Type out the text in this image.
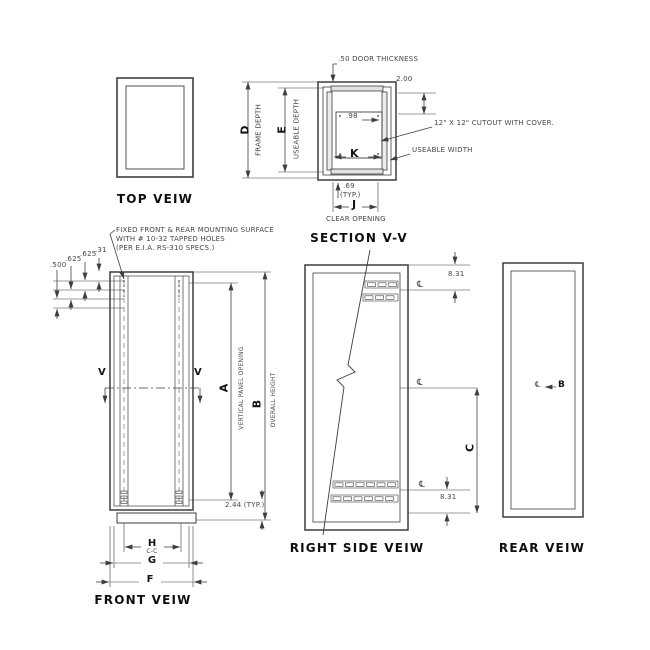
TOP VEIW
SECTION V-V
FRONT VEIW
RIGHT SIDE VEIW	REAR VEIW
.50 DOOR THICKNESS
2.00
.98
12" X 12" CUTOUT WITH COVER.
USEABLE WIDTH
K
.69
(TYP.)
J
CLEAR OPENING
D FRAME DEPTH E USEABLE DEPTH
FIXED FRONT & REAR MOUNTING SURFACE
WITH # 10-32 TAPPED HOLES
(PER E.I.A. RS-310 SPECS.)
.500
.625
.625
.31
V	V
A VERTICAL PANEL OPENING B OVERALL HEIGHT
2.44 (TYP.)
H
C-C
G
F
8.31
℄
℄
℄
C
8.31
℄ B
